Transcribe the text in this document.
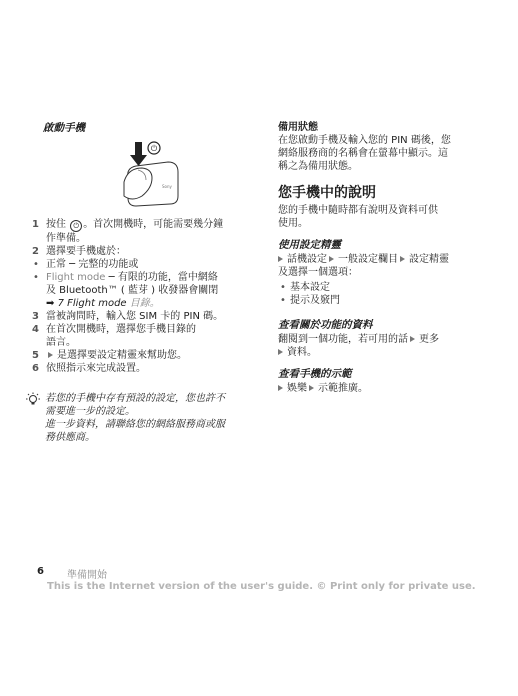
啟動手機
⏻
Sony
1 按住 ⏻ 。首次開機時，可能需要幾分鐘
作準備。
2 選擇要手機處於：
• 正常 ─ 完整的功能或
• Flight mode ─ 有限的功能，當中網絡
及 Bluetooth™ ( 藍芽 ) 收發器會關閉
➡ 7 Flight mode 目錄。
3 當被詢問時，輸入您 SIM 卡的 PIN 碼。
4 在首次開機時，選擇您手機目錄的
語言。
5 是選擇要設定精靈來幫助您。
6 依照指示來完成設置。
若您的手機中存有預設的設定，您也許不
需要進一步的設定。
進一步資料，請聯絡您的網絡服務商或服
務供應商。
備用狀態
在您啟動手機及輸入您的 PIN 碼後，您
網絡服務商的名稱會在螢幕中顯示。這
稱之為備用狀態。
您手機中的說明
您的手機中隨時都有說明及資料可供
使用。
使用設定精靈
話機設定 一般設定欄目 設定精靈
及選擇一個選項：
• 基本設定
• 提示及竅門
查看關於功能的資料
翻閱到一個功能，若可用的話 更多
資料。
查看手機的示範
娛樂 示範推廣。
6 準備開始
This is the Internet version of the user's guide. © Print only for private use.
